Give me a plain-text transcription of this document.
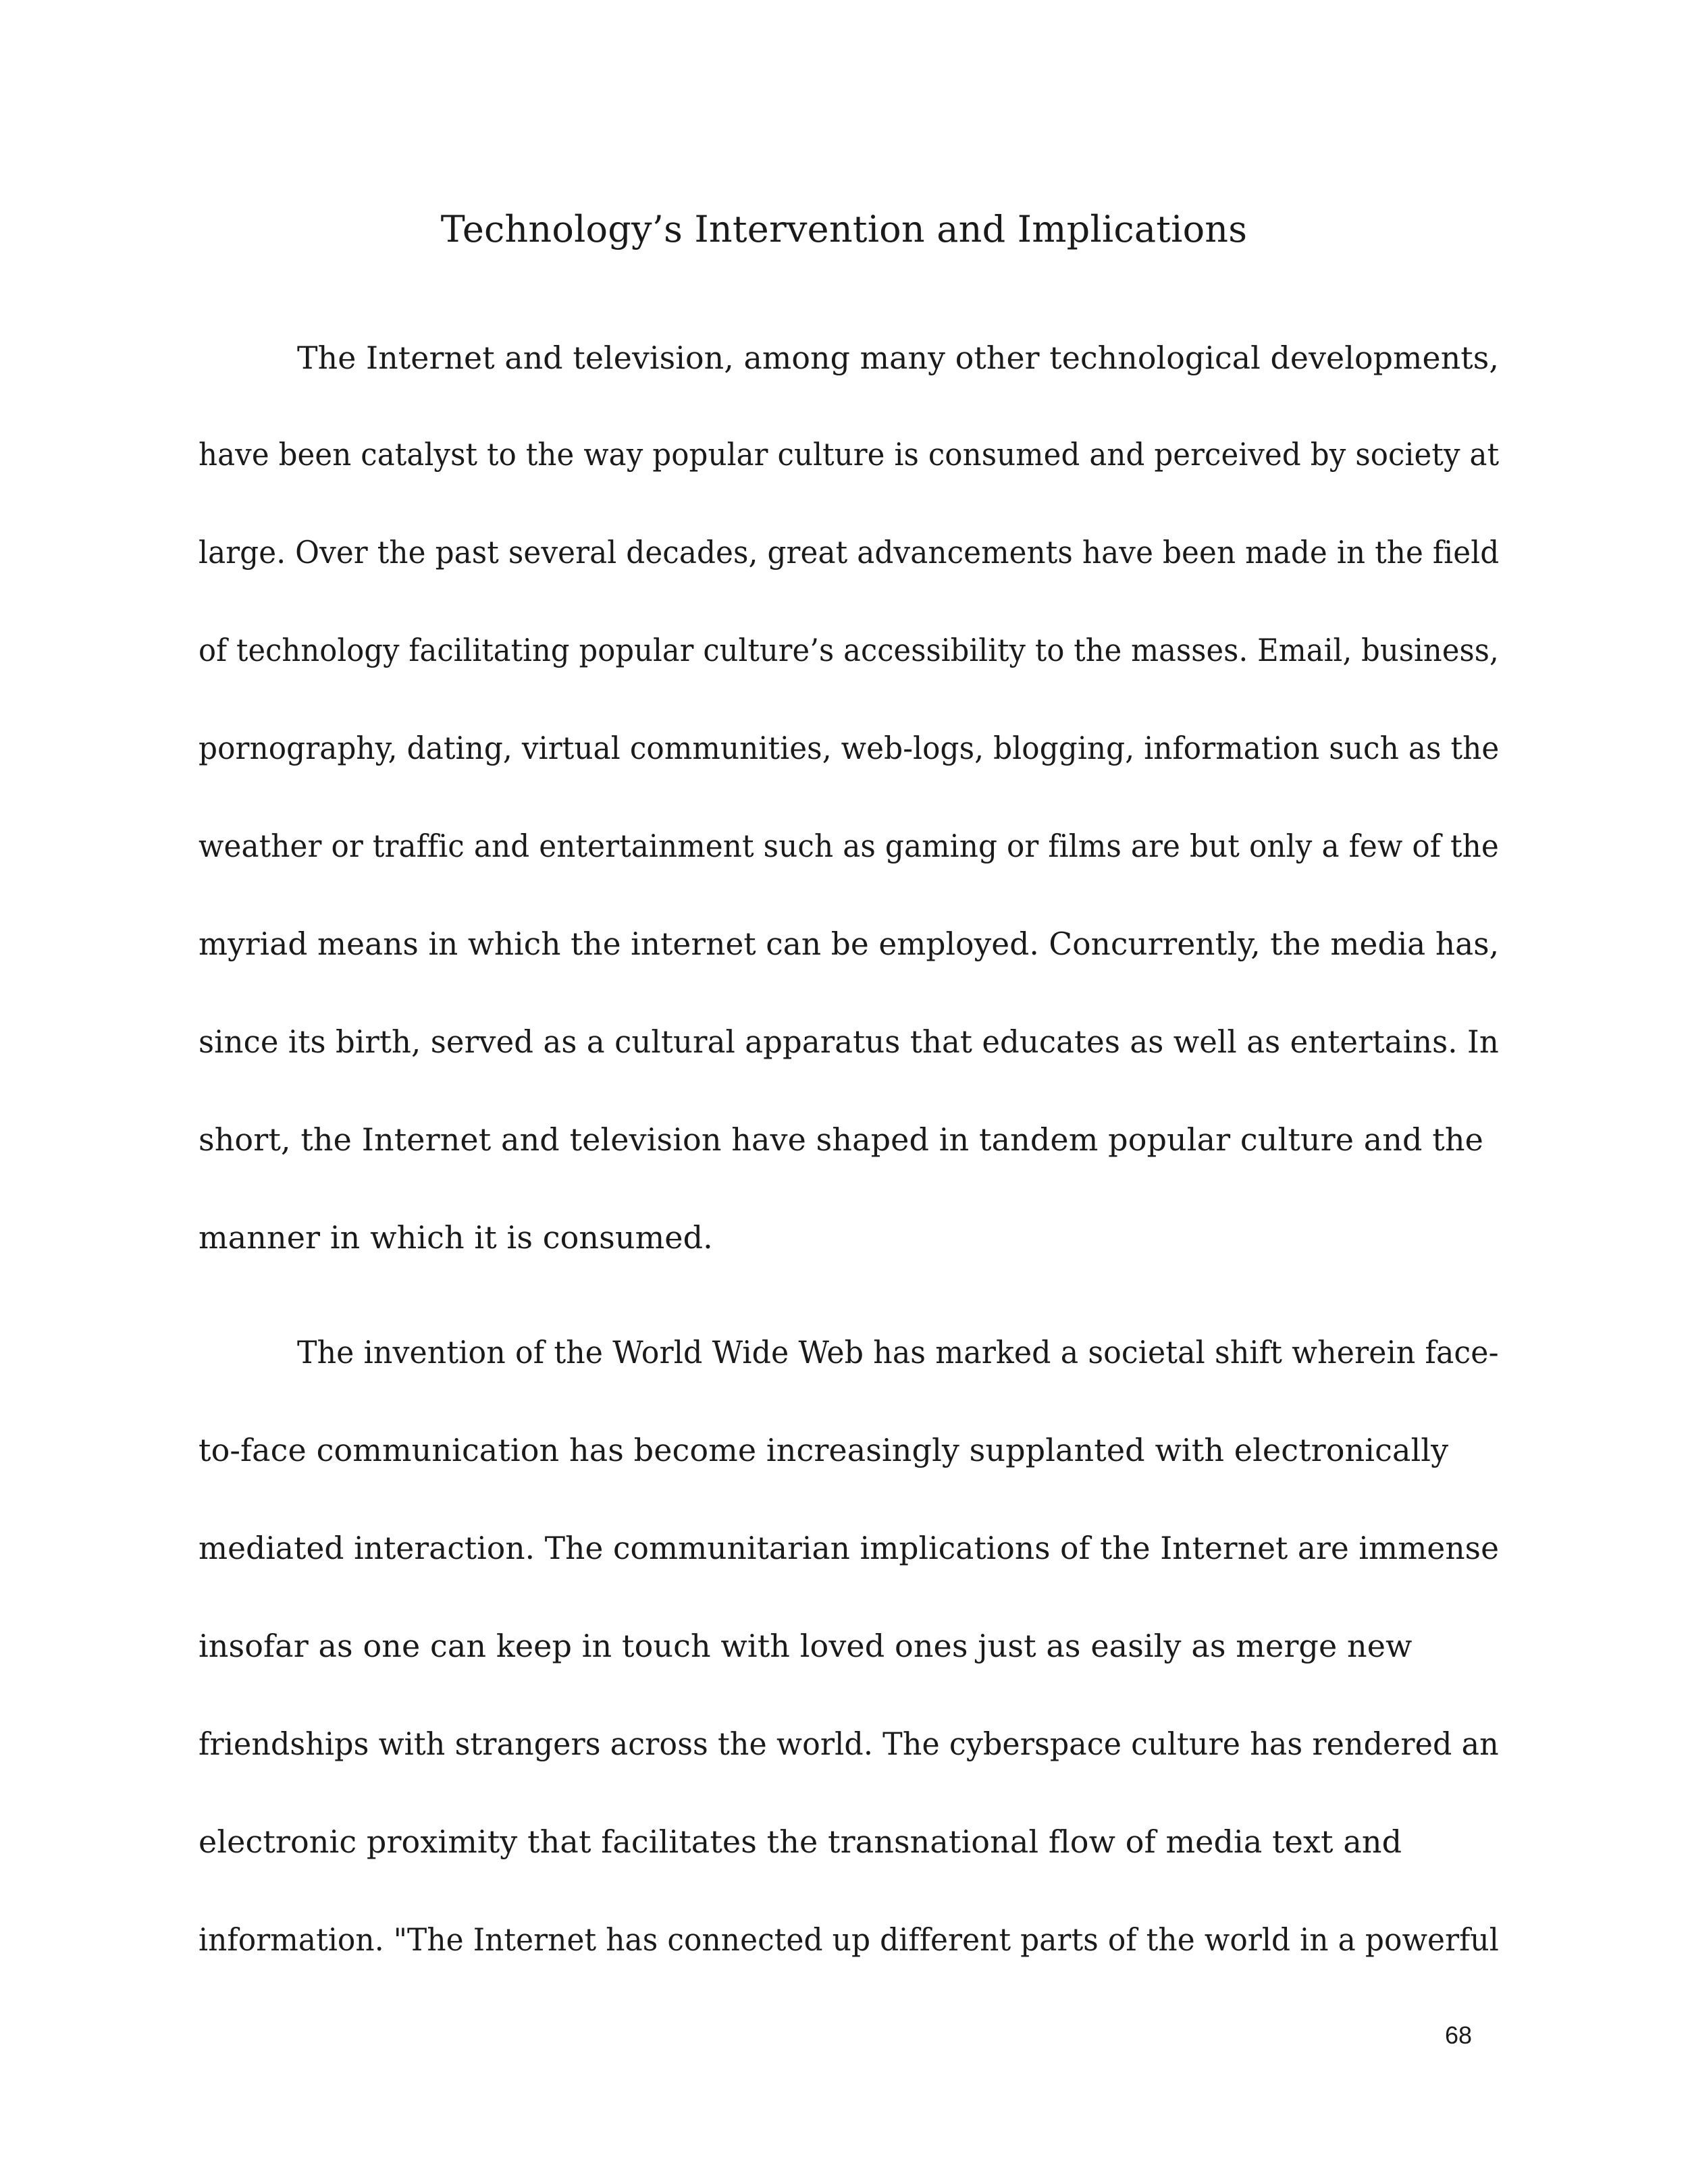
Technology’s Intervention and Implications

The Internet and television, among many other technological developments,

have been catalyst to the way popular culture is consumed and perceived by society at

large. Over the past several decades, great advancements have been made in the field

of technology facilitating popular culture’s accessibility to the masses. Email, business,

pornography, dating, virtual communities, web-logs, blogging, information such as the

weather or traffic and entertainment such as gaming or films are but only a few of the

myriad means in which the internet can be employed. Concurrently, the media has,

since its birth, served as a cultural apparatus that educates as well as entertains. In

short, the Internet and television have shaped in tandem popular culture and the

manner in which it is consumed.

The invention of the World Wide Web has marked a societal shift wherein face-

to-face communication has become increasingly supplanted with electronically

mediated interaction. The communitarian implications of the Internet are immense

insofar as one can keep in touch with loved ones just as easily as merge new

friendships with strangers across the world. The cyberspace culture has rendered an

electronic proximity that facilitates the transnational flow of media text and

information. "The Internet has connected up different parts of the world in a powerful

68
